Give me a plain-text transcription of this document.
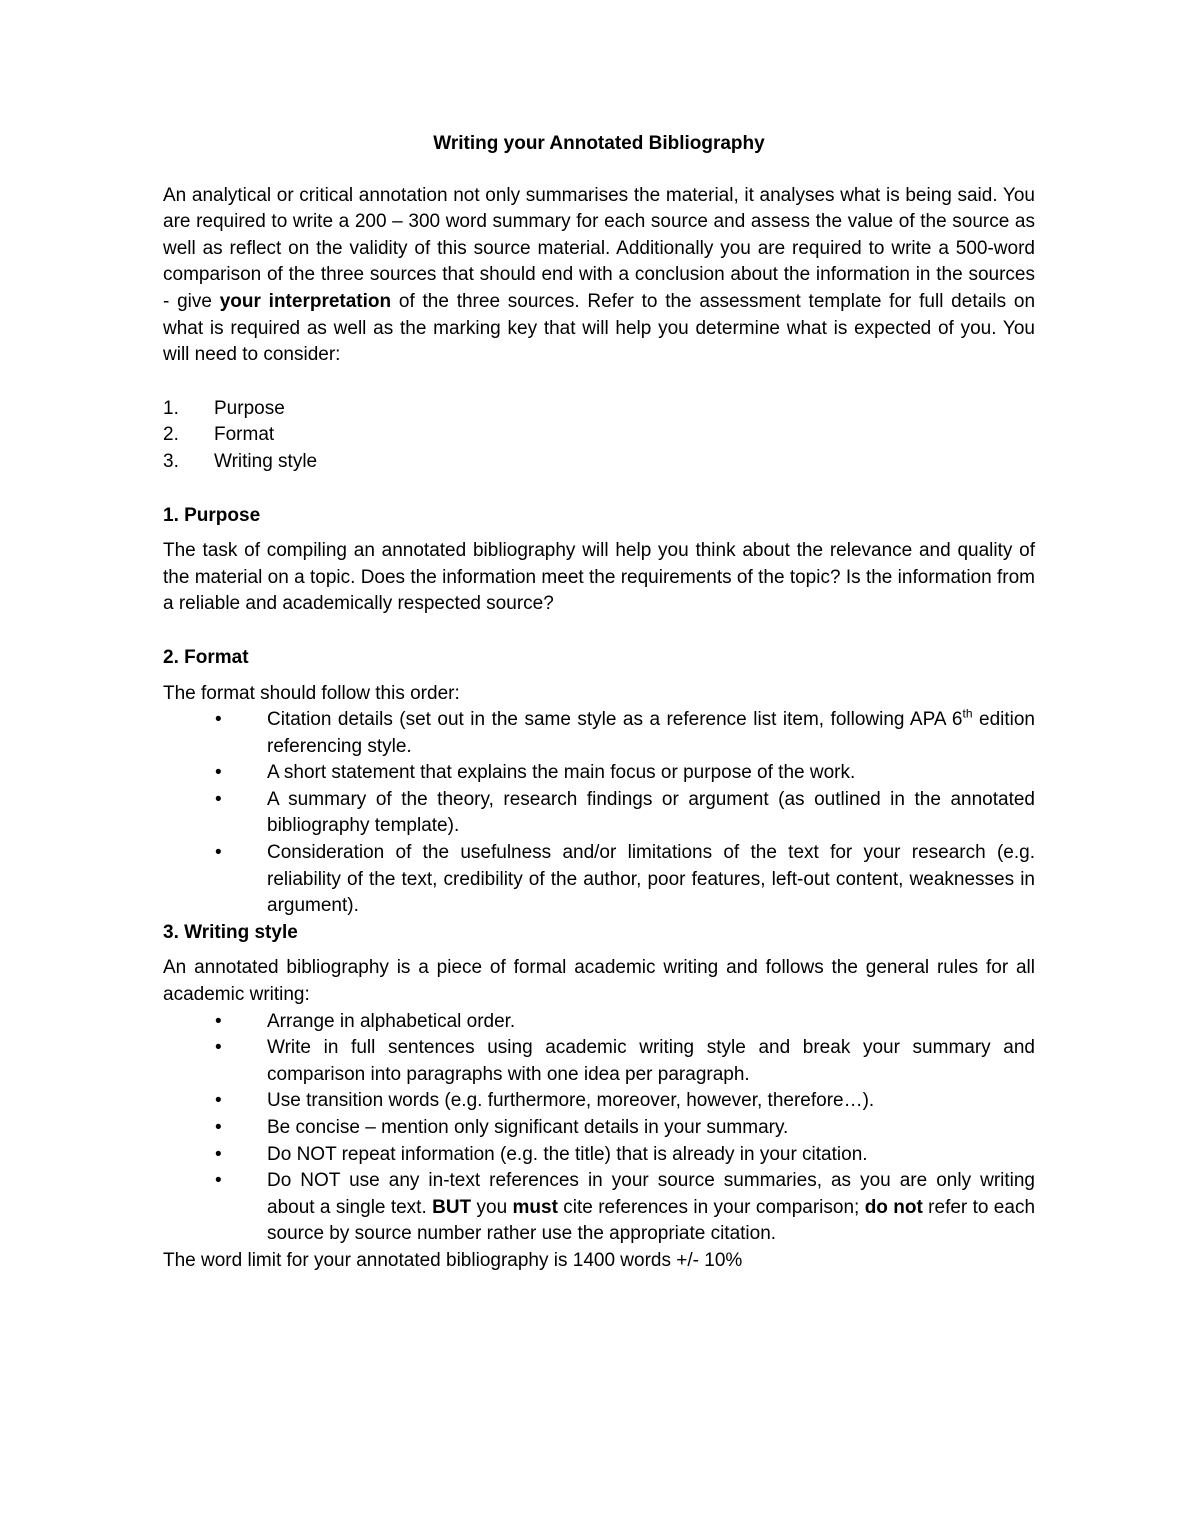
Writing your Annotated Bibliography

An analytical or critical annotation not only summarises the material, it analyses what is being said. You are required to write a 200 – 300 word summary for each source and assess the value of the source as well as reflect on the validity of this source material. Additionally you are required to write a 500-word comparison of the three sources that should end with a conclusion about the information in the sources - give your interpretation of the three sources. Refer to the assessment template for full details on what is required as well as the marking key that will help you determine what is expected of you. You will need to consider:

1. Purpose
2. Format
3. Writing style

1. Purpose

The task of compiling an annotated bibliography will help you think about the relevance and quality of the material on a topic. Does the information meet the requirements of the topic? Is the information from a reliable and academically respected source?

2. Format

The format should follow this order:

• Citation details (set out in the same style as a reference list item, following APA 6th edition referencing style.
• A short statement that explains the main focus or purpose of the work.
• A summary of the theory, research findings or argument (as outlined in the annotated bibliography template).
• Consideration of the usefulness and/or limitations of the text for your research (e.g. reliability of the text, credibility of the author, poor features, left-out content, weaknesses in argument).

3. Writing style

An annotated bibliography is a piece of formal academic writing and follows the general rules for all academic writing:

• Arrange in alphabetical order.
• Write in full sentences using academic writing style and break your summary and comparison into paragraphs with one idea per paragraph.
• Use transition words (e.g. furthermore, moreover, however, therefore…).
• Be concise – mention only significant details in your summary.
• Do NOT repeat information (e.g. the title) that is already in your citation.
• Do NOT use any in-text references in your source summaries, as you are only writing about a single text. BUT you must cite references in your comparison; do not refer to each source by source number rather use the appropriate citation.

The word limit for your annotated bibliography is 1400 words +/- 10%
